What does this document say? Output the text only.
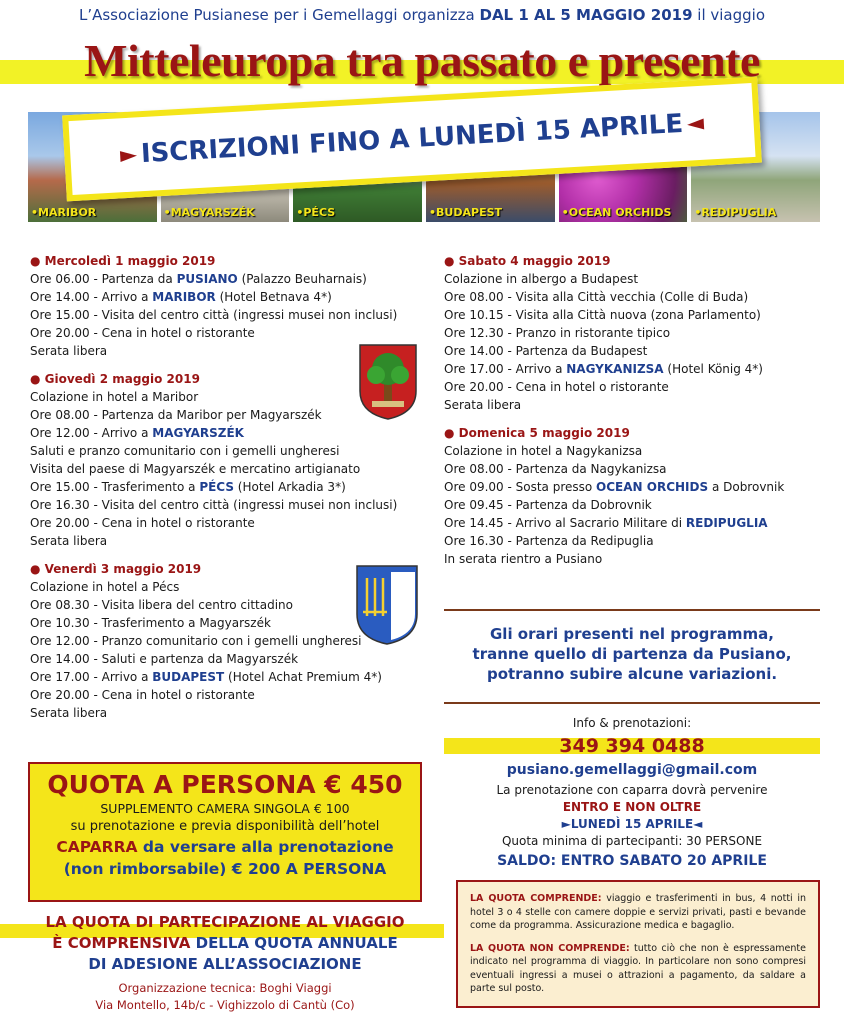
L’Associazione Pusianese per i Gemellaggi organizza DAL 1 AL 5 MAGGIO 2019 il viaggio
Mitteleuropa tra passato e presente
•MARIBOR	•MAGYARSZÉK	•PÉCS	•BUDAPEST	•OCEAN ORCHIDS •REDIPUGLIA
► ISCRIZIONI FINO A LUNEDÌ 15 APRILE ◄
● Mercoledì 1 maggio 2019
Ore 06.00 - Partenza da PUSIANO (Palazzo Beuharnais)
Ore 14.00 - Arrivo a MARIBOR (Hotel Betnava 4*)
Ore 15.00 - Visita del centro città (ingressi musei non inclusi)
Ore 20.00 - Cena in hotel o ristorante
Serata libera
● Giovedì 2 maggio 2019
Colazione in hotel a Maribor
Ore 08.00 - Partenza da Maribor per Magyarszék
Ore 12.00 - Arrivo a MAGYARSZÉK
Saluti e pranzo comunitario con i gemelli ungheresi
Visita del paese di Magyarszék e mercatino artigianato
Ore 15.00 - Trasferimento a PÉCS (Hotel Arkadia 3*)
Ore 16.30 - Visita del centro città (ingressi musei non inclusi)
Ore 20.00 - Cena in hotel o ristorante
Serata libera
● Venerdì 3 maggio 2019
Colazione in hotel a Pécs
Ore 08.30 - Visita libera del centro cittadino
Ore 10.30 - Trasferimento a Magyarszék
Ore 12.00 - Pranzo comunitario con i gemelli ungheresi
Ore 14.00 - Saluti e partenza da Magyarszék
Ore 17.00 - Arrivo a BUDAPEST (Hotel Achat Premium 4*)
Ore 20.00 - Cena in hotel o ristorante
Serata libera
● Sabato 4 maggio 2019
Colazione in albergo a Budapest
Ore 08.00 - Visita alla Città vecchia (Colle di Buda)
Ore 10.15 - Visita alla Città nuova (zona Parlamento)
Ore 12.30 - Pranzo in ristorante tipico
Ore 14.00 - Partenza da Budapest
Ore 17.00 - Arrivo a NAGYKANIZSA (Hotel König 4*)
Ore 20.00 - Cena in hotel o ristorante
Serata libera
● Domenica 5 maggio 2019
Colazione in hotel a Nagykanizsa
Ore 08.00 - Partenza da Nagykanizsa
Ore 09.00 - Sosta presso OCEAN ORCHIDS a Dobrovnik
Ore 09.45 - Partenza da Dobrovnik
Ore 14.45 - Arrivo al Sacrario Militare di REDIPUGLIA
Ore 16.30 - Partenza da Redipuglia
In serata rientro a Pusiano
Gli orari presenti nel programma,
tranne quello di partenza da Pusiano,
potranno subire alcune variazioni.
Info & prenotazioni:
349 394 0488
pusiano.gemellaggi@gmail.com
La prenotazione con caparra dovrà pervenire
ENTRO E NON OLTRE
►LUNEDÌ 15 APRILE◄
Quota minima di partecipanti: 30 PERSONE
SALDO: ENTRO SABATO 20 APRILE
QUOTA A PERSONA € 450
SUPPLEMENTO CAMERA SINGOLA € 100
su prenotazione e previa disponibilità dell’hotel
CAPARRA da versare alla prenotazione
(non rimborsabile) € 200 A PERSONA
LA QUOTA DI PARTECIPAZIONE AL VIAGGIO
È COMPRENSIVA DELLA QUOTA ANNUALE
DI ADESIONE ALL’ASSOCIAZIONE
Organizzazione tecnica: Boghi Viaggi
Via Montello, 14b/c - Vighizzolo di Cantù (Co)

LA QUOTA COMPRENDE: viaggio e trasferimenti in bus, 4 notti in hotel 3 o 4 stelle con camere doppie e servizi privati, pasti e bevande come da programma. Assicurazione medica e bagaglio.

LA QUOTA NON COMPRENDE: tutto ciò che non è espressamente indicato nel programma di viaggio. In particolare non sono compresi eventuali ingressi a musei o attrazioni a pagamento, da saldare a parte sul posto.
